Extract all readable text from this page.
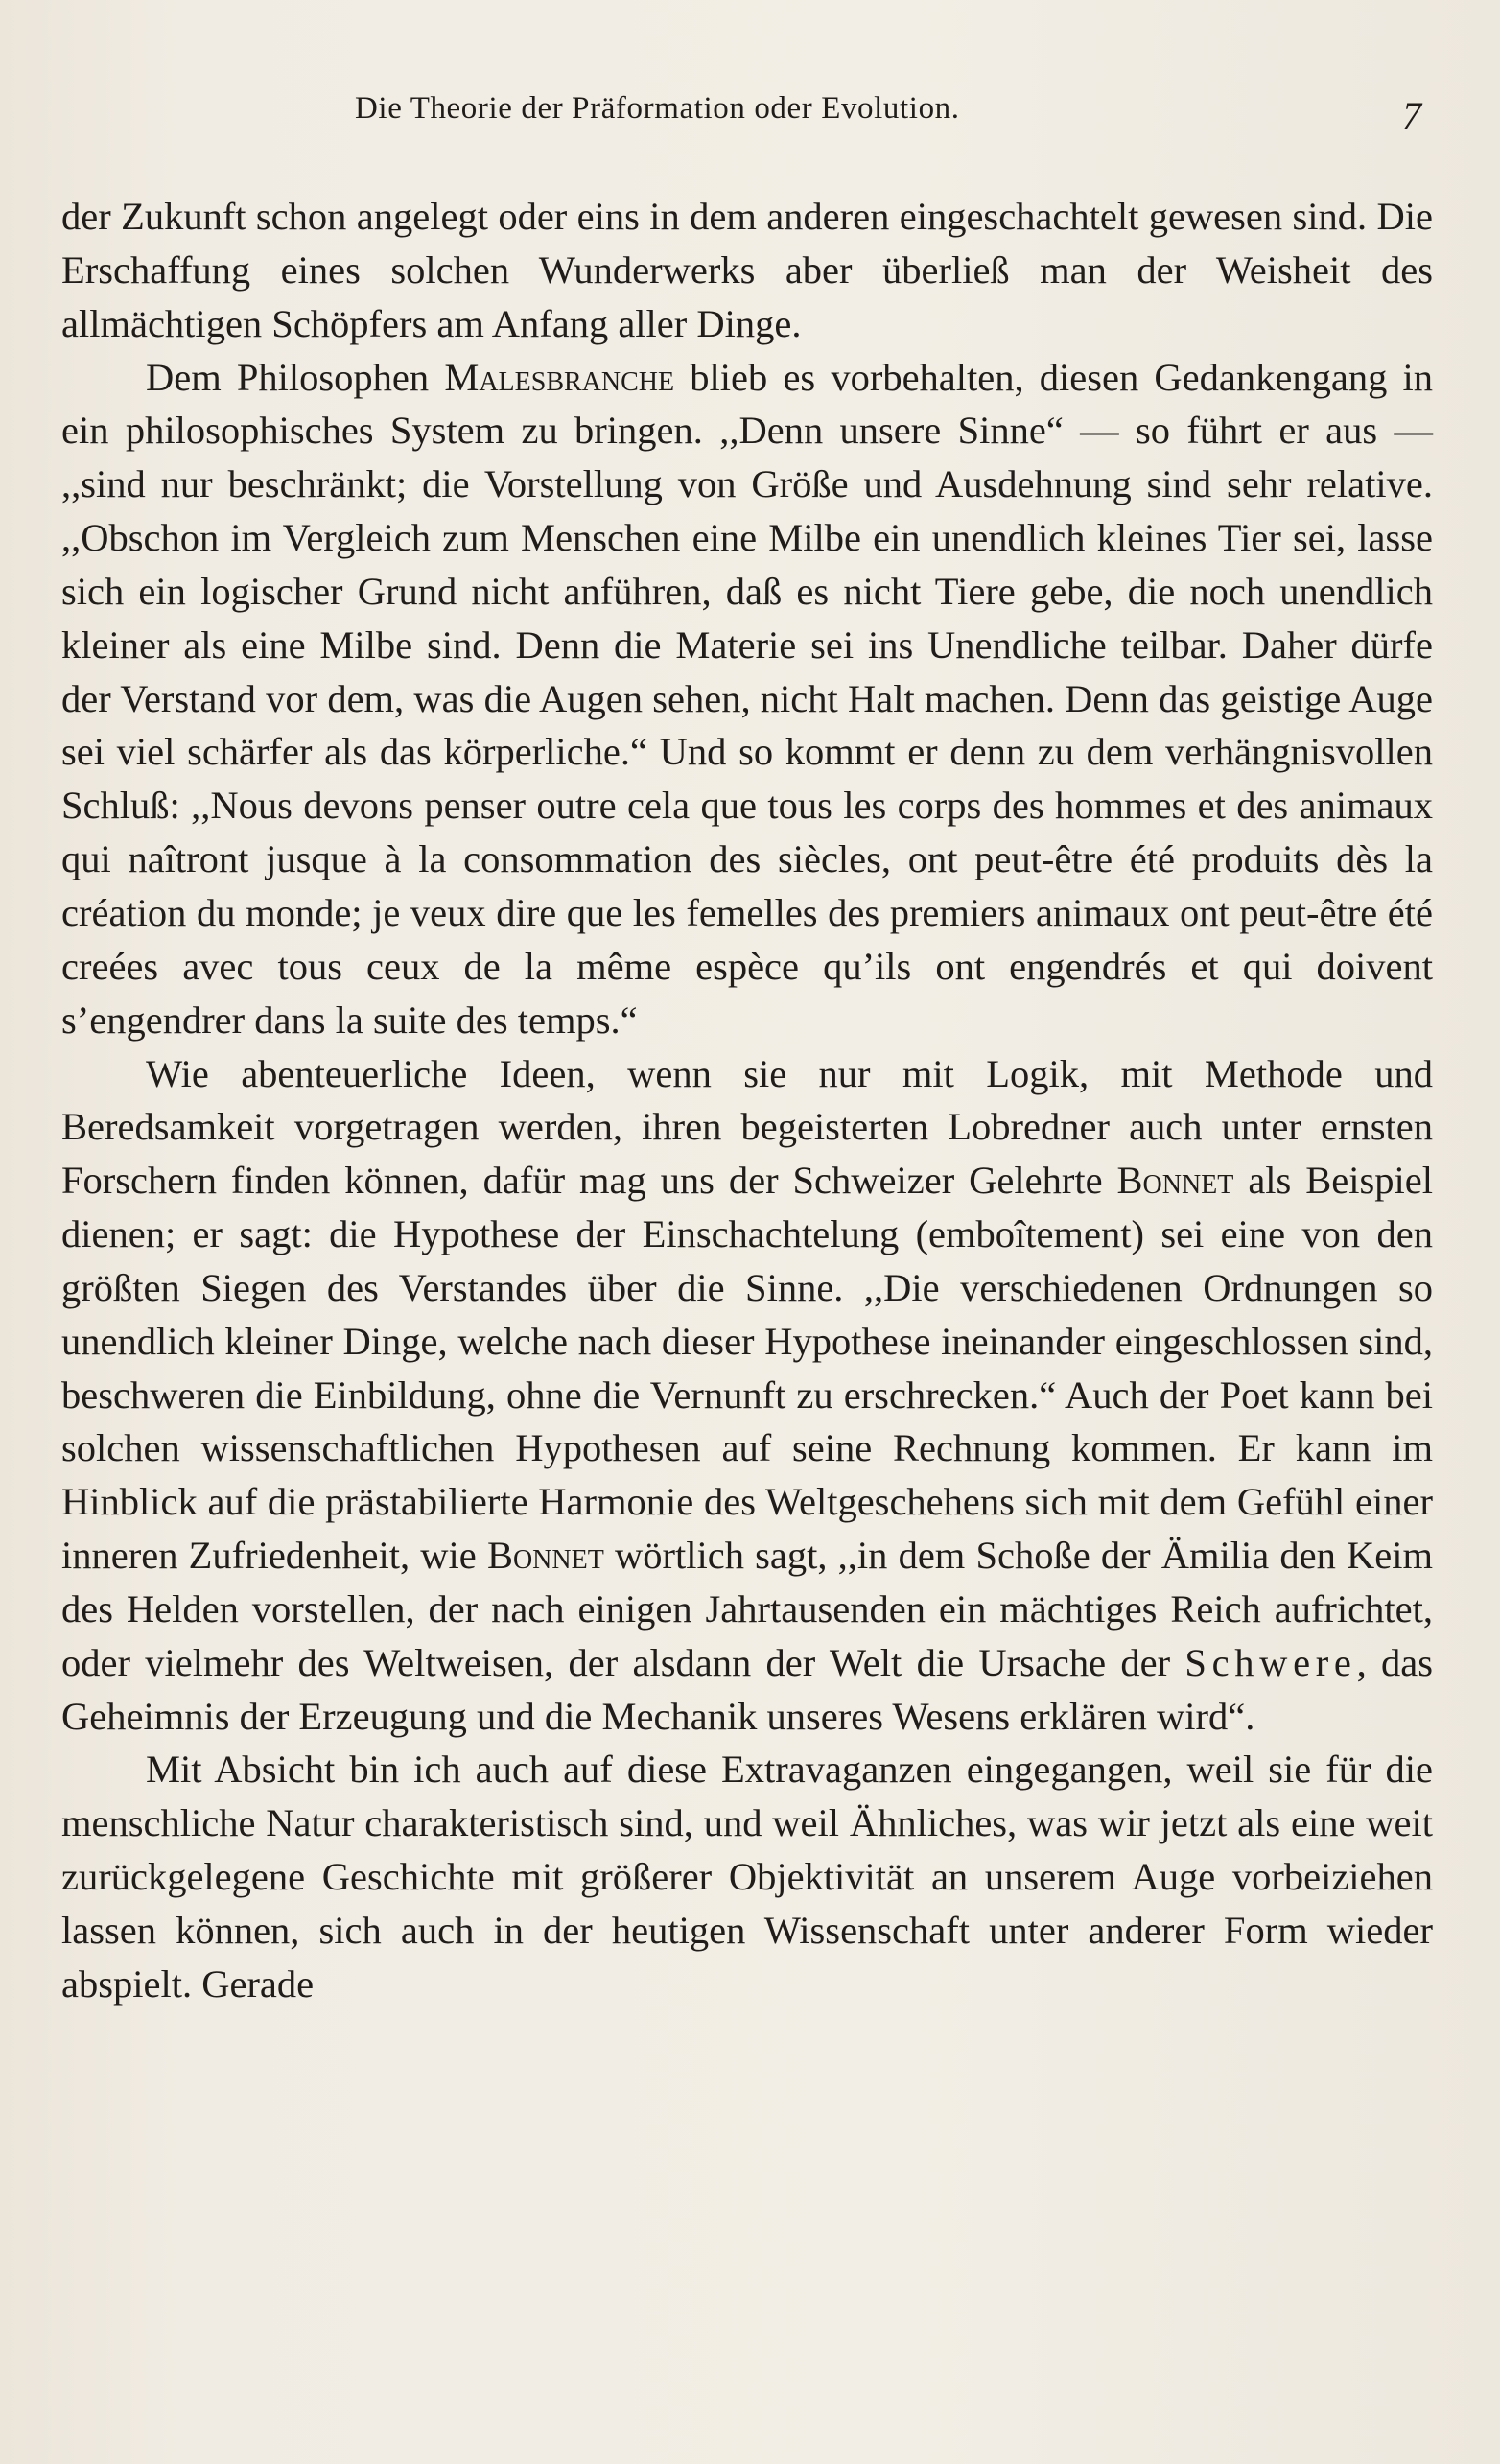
Die Theorie der Präformation oder Evolution.	7

der Zukunft schon angelegt oder eins in dem anderen eingeschachtelt gewesen sind. Die Erschaffung eines solchen Wunderwerks aber überließ man der Weisheit des allmächtigen Schöpfers am Anfang aller Dinge.

Dem Philosophen Malesbranche blieb es vorbehalten, diesen Gedankengang in ein philosophisches System zu bringen. ,,Denn unsere Sinne“ — so führt er aus — ,,sind nur beschränkt; die Vorstellung von Größe und Ausdehnung sind sehr relative. ,,Obschon im Vergleich zum Menschen eine Milbe ein unendlich kleines Tier sei, lasse sich ein logischer Grund nicht anführen, daß es nicht Tiere gebe, die noch unendlich kleiner als eine Milbe sind. Denn die Materie sei ins Unendliche teilbar. Daher dürfe der Verstand vor dem, was die Augen sehen, nicht Halt machen. Denn das geistige Auge sei viel schärfer als das körperliche.“ Und so kommt er denn zu dem verhängnisvollen Schluß: ,,Nous devons penser outre cela que tous les corps des hommes et des animaux qui naîtront jusque à la consommation des siècles, ont peut-être été produits dès la création du monde; je veux dire que les femelles des premiers animaux ont peut-être été creées avec tous ceux de la même espèce qu’ils ont engendrés et qui doivent s’engendrer dans la suite des temps.“

Wie abenteuerliche Ideen, wenn sie nur mit Logik, mit Methode und Beredsamkeit vorgetragen werden, ihren begeisterten Lobredner auch unter ernsten Forschern finden können, dafür mag uns der Schweizer Gelehrte Bonnet als Beispiel dienen; er sagt: die Hypothese der Einschachtelung (emboîtement) sei eine von den größten Siegen des Verstandes über die Sinne. ,,Die verschiedenen Ordnungen so unendlich kleiner Dinge, welche nach dieser Hypothese ineinander eingeschlossen sind, beschweren die Einbildung, ohne die Vernunft zu erschrecken.“ Auch der Poet kann bei solchen wissenschaftlichen Hypothesen auf seine Rechnung kommen. Er kann im Hinblick auf die prästabilierte Harmonie des Weltgeschehens sich mit dem Gefühl einer inneren Zufriedenheit, wie Bonnet wörtlich sagt, ,,in dem Schoße der Ämilia den Keim des Helden vorstellen, der nach einigen Jahrtausenden ein mächtiges Reich aufrichtet, oder vielmehr des Weltweisen, der alsdann der Welt die Ursache der Schwere, das Geheimnis der Erzeugung und die Mechanik unseres Wesens erklären wird“.

Mit Absicht bin ich auch auf diese Extravaganzen eingegangen, weil sie für die menschliche Natur charakteristisch sind, und weil Ähnliches, was wir jetzt als eine weit zurückgelegene Geschichte mit größerer Objektivität an unserem Auge vorbeiziehen lassen können, sich auch in der heutigen Wissenschaft unter anderer Form wieder abspielt. Gerade
